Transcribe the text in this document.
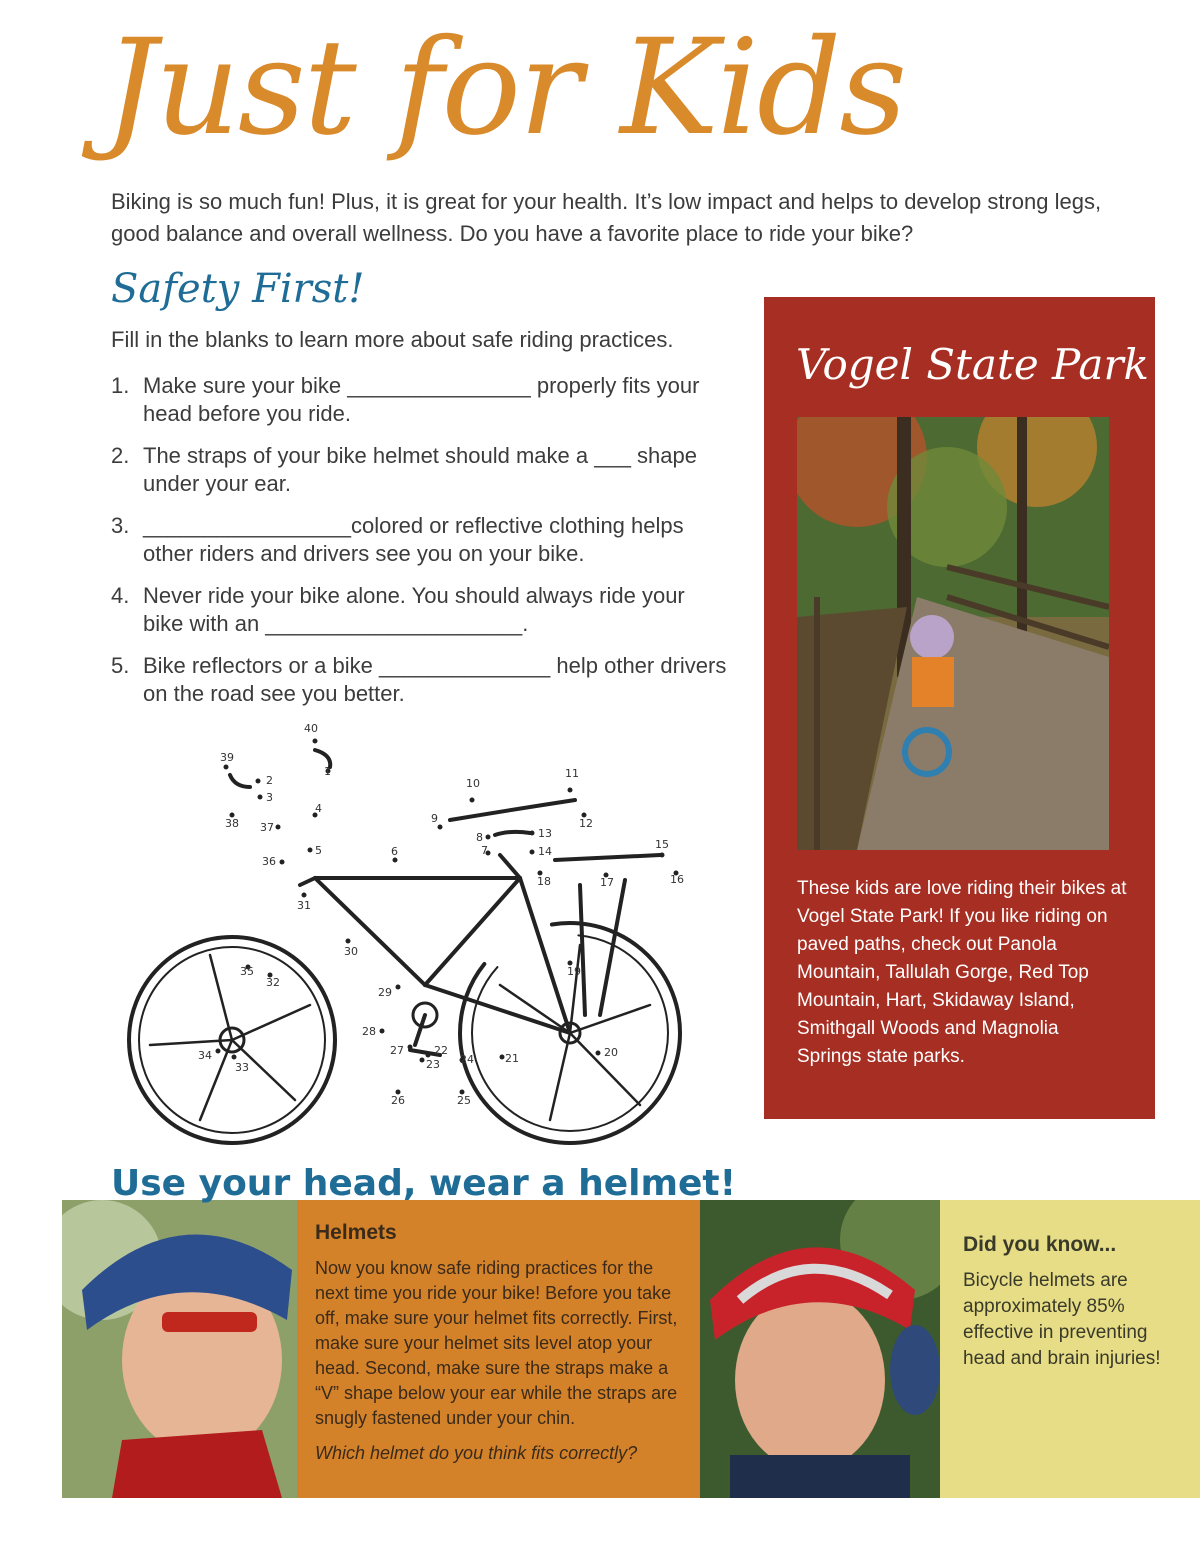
Just for Kids
Biking is so much fun! Plus, it is great for your health. It’s low impact and helps to develop strong legs, good balance and overall wellness. Do you have a favorite place to ride your bike?
Safety First!
Fill in the blanks to learn more about safe riding practices.
1. Make sure your bike _______________ properly fits your head before you ride.
2. The straps of your bike helmet should make a ___ shape under your ear.
3. _________________colored or reflective clothing helps other riders and drivers see you on your bike.
4. Never ride your bike alone. You should always ride your bike with an _____________________.
5. Bike reflectors or a bike ______________ help other drivers on the road see you better.
1
2
3
4
5	6	7
8
9
10
11
12
13
14
15
16
17
18
19
20
21
22
23 24
25
26
27
28
29
30
31
32
33
34
35
36
37
38
39
40
Vogel State Park
These kids are love riding their bikes at Vogel State Park! If you like riding on paved paths, check out Panola Mountain, Tallulah Gorge, Red Top Mountain, Hart, Skidaway Island, Smithgall Woods and Magnolia Springs state parks.
Use your head, wear a helmet!
Helmets
Now you know safe riding practices for the next time you ride your bike! Before you take off, make sure your helmet fits correctly. First, make sure your helmet sits level atop your head. Second, make sure the straps make a “V” shape below your ear while the straps are snugly fastened under your chin.
Which helmet do you think fits correctly?
Did you know...
Bicycle helmets are approximately 85% effective in preventing head and brain injuries!
